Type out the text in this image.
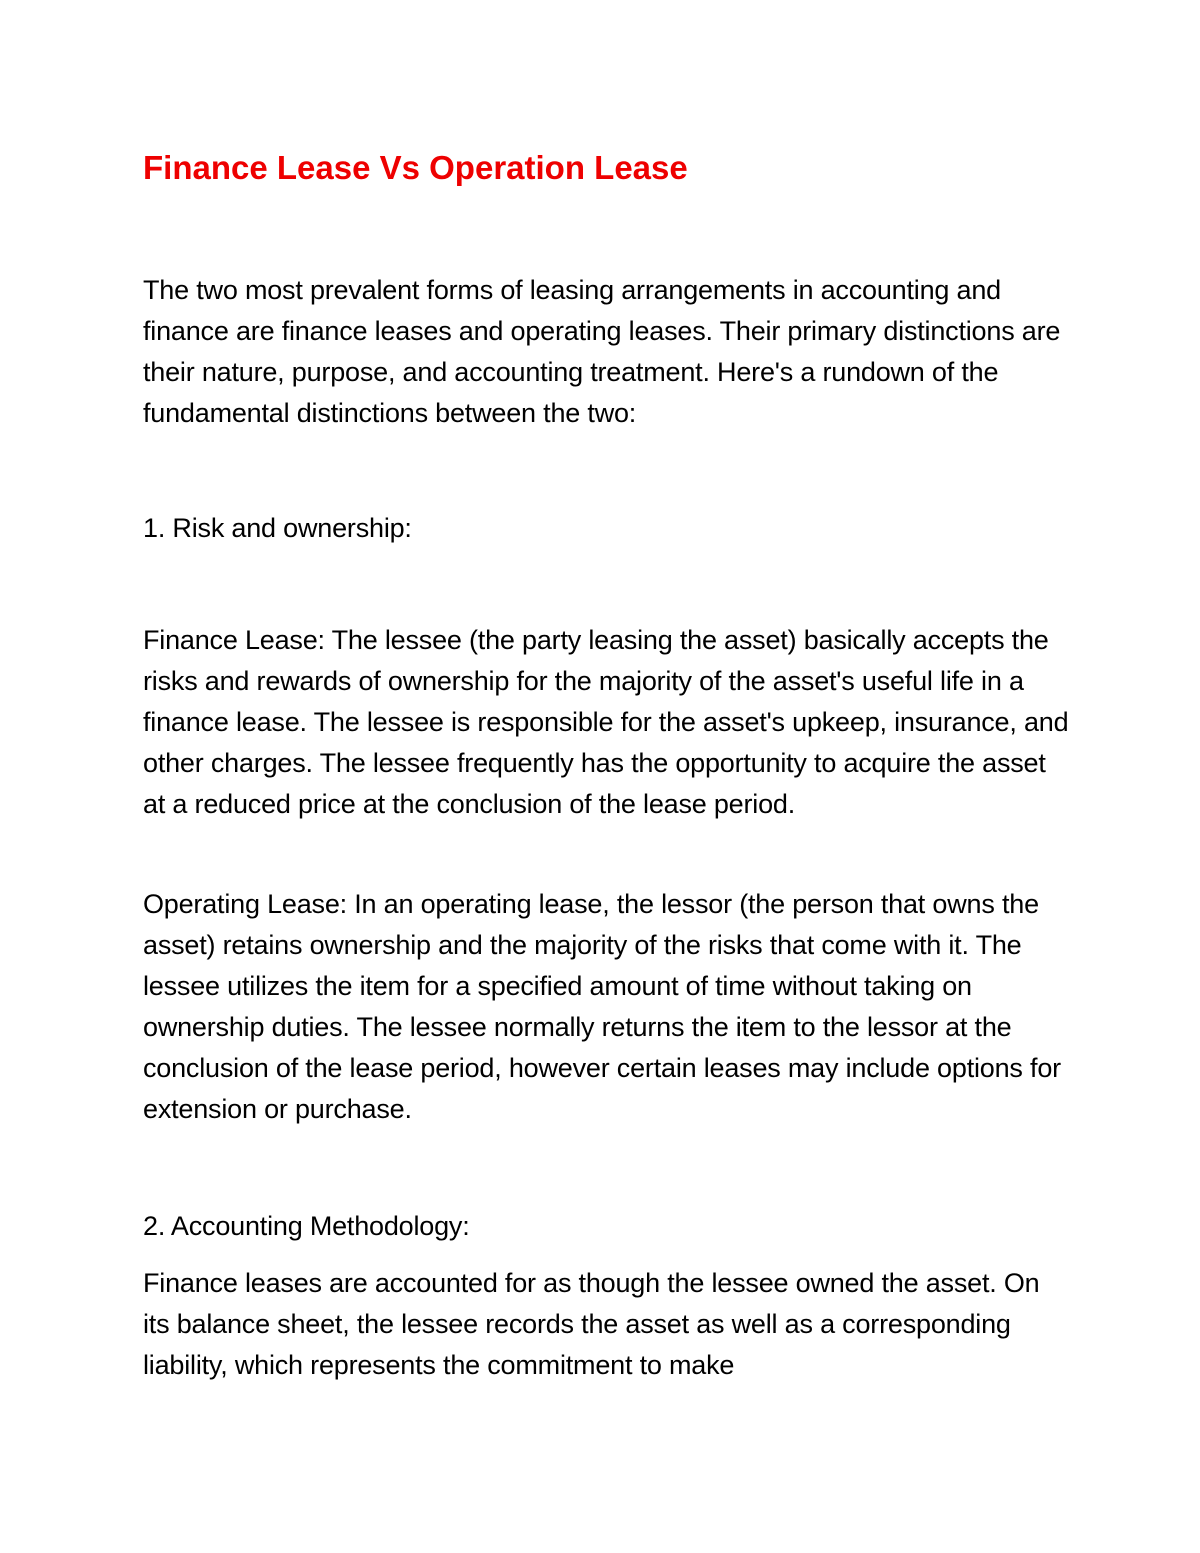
Finance Lease Vs Operation Lease

The two most prevalent forms of leasing arrangements in accounting and finance are finance leases and operating leases. Their primary distinctions are their nature, purpose, and accounting treatment. Here's a rundown of the fundamental distinctions between the two:

1. Risk and ownership:

Finance Lease: The lessee (the party leasing the asset) basically accepts the risks and rewards of ownership for the majority of the asset's useful life in a finance lease. The lessee is responsible for the asset's upkeep, insurance, and other charges. The lessee frequently has the opportunity to acquire the asset at a reduced price at the conclusion of the lease period.

Operating Lease: In an operating lease, the lessor (the person that owns the asset) retains ownership and the majority of the risks that come with it. The lessee utilizes the item for a specified amount of time without taking on ownership duties. The lessee normally returns the item to the lessor at the conclusion of the lease period, however certain leases may include options for extension or purchase.

2. Accounting Methodology:

Finance leases are accounted for as though the lessee owned the asset. On its balance sheet, the lessee records the asset as well as a corresponding liability, which represents the commitment to make
